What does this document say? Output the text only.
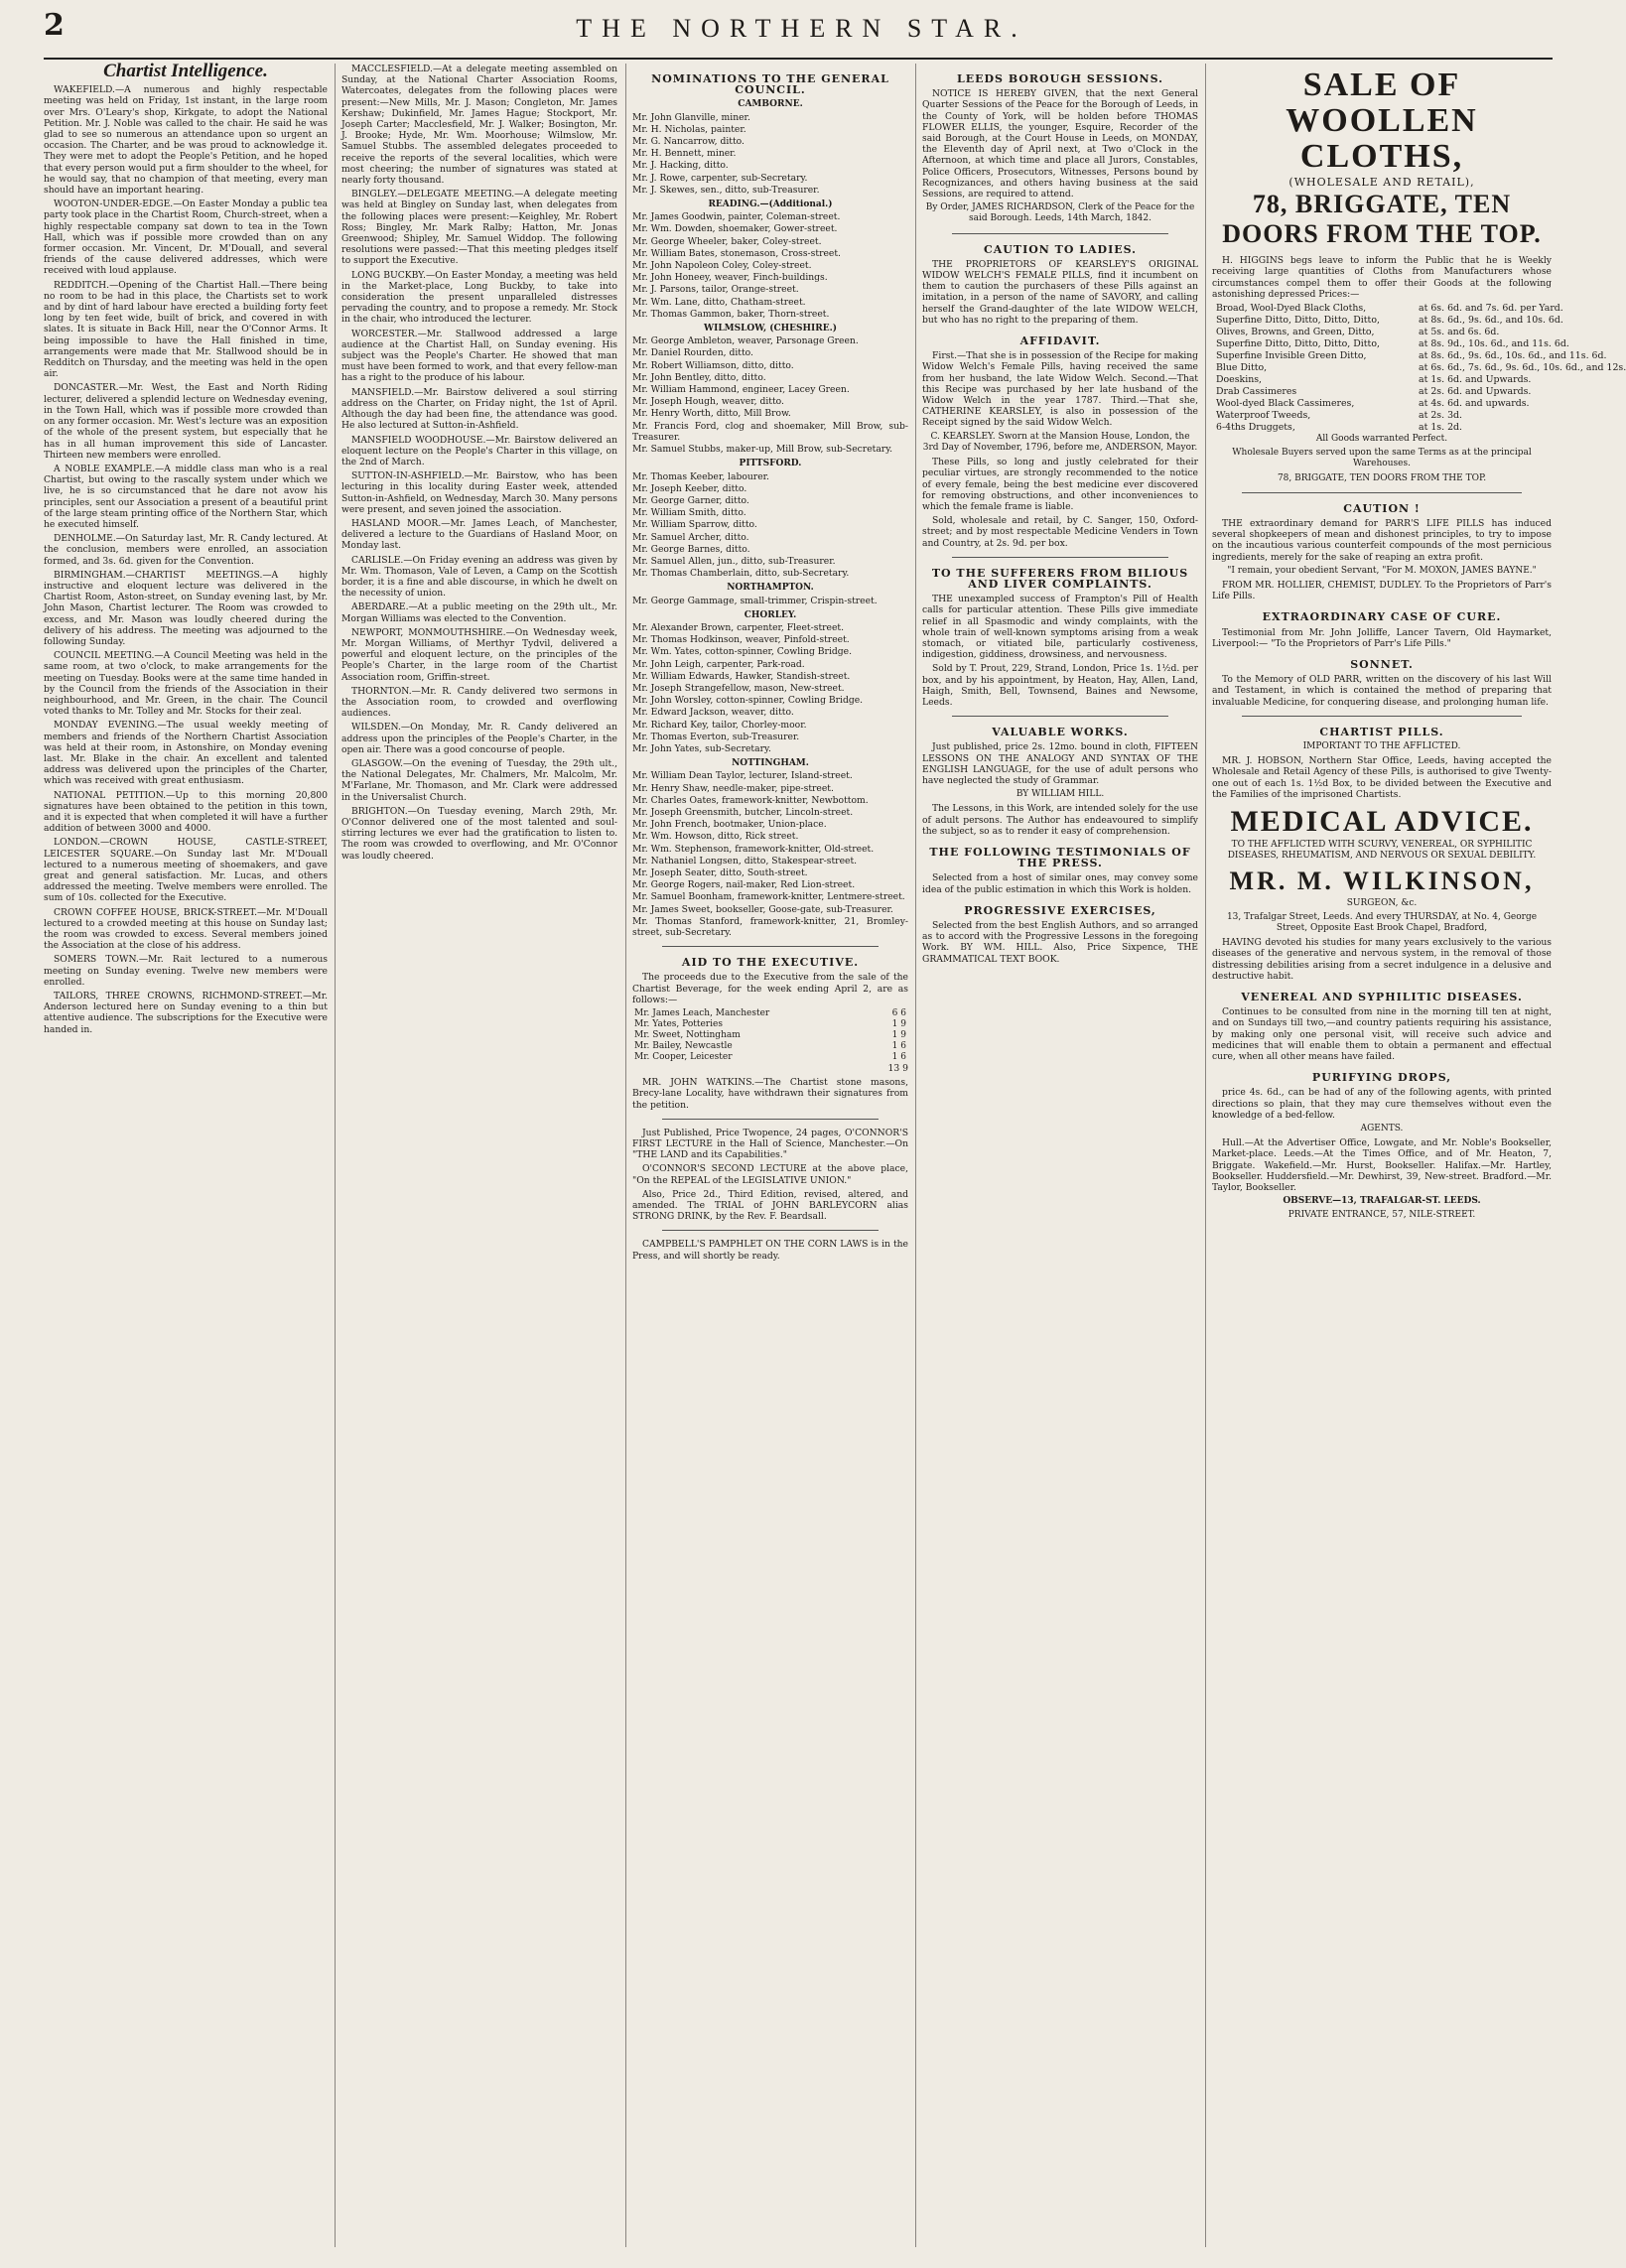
2	THE NORTHERN STAR.
Chartist Intelligence.

WAKEFIELD.—A numerous and highly respectable meeting was held on Friday, 1st instant, in the large room over Mrs. O'Leary's shop, Kirkgate, to adopt the National Petition. Mr. J. Noble was called to the chair. He said he was glad to see so numerous an attendance upon so urgent an occasion. The Charter, and be was proud to acknowledge it. They were met to adopt the People's Petition, and he hoped that every person would put a firm shoulder to the wheel, for he would say, that no champion of that meeting, every man should have an important hearing.

WOOTON-UNDER-EDGE.—On Easter Monday a public tea party took place in the Chartist Room, Church-street, when a highly respectable company sat down to tea in the Town Hall, which was if possible more crowded than on any former occasion. Mr. Vincent, Dr. M'Douall, and several friends of the cause delivered addresses, which were received with loud applause.

REDDITCH.—Opening of the Chartist Hall.—There being no room to be had in this place, the Chartists set to work and by dint of hard labour have erected a building forty feet long by ten feet wide, built of brick, and covered in with slates. It is situate in Back Hill, near the O'Connor Arms. It being impossible to have the Hall finished in time, arrangements were made that Mr. Stallwood should be in Redditch on Thursday, and the meeting was held in the open air.

DONCASTER.—Mr. West, the East and North Riding lecturer, delivered a splendid lecture on Wednesday evening, in the Town Hall, which was if possible more crowded than on any former occasion. Mr. West's lecture was an exposition of the whole of the present system, but especially that he has in all human improvement this side of Lancaster. Thirteen new members were enrolled.

A NOBLE EXAMPLE.—A middle class man who is a real Chartist, but owing to the rascally system under which we live, he is so circumstanced that he dare not avow his principles, sent our Association a present of a beautiful print of the large steam printing office of the Northern Star, which he executed himself.

DENHOLME.—On Saturday last, Mr. R. Candy lectured. At the conclusion, members were enrolled, an association formed, and 3s. 6d. given for the Convention.

BIRMINGHAM.—CHARTIST MEETINGS.—A highly instructive and eloquent lecture was delivered in the Chartist Room, Aston-street, on Sunday evening last, by Mr. John Mason, Chartist lecturer. The Room was crowded to excess, and Mr. Mason was loudly cheered during the delivery of his address. The meeting was adjourned to the following Sunday.

COUNCIL MEETING.—A Council Meeting was held in the same room, at two o'clock, to make arrangements for the meeting on Tuesday. Books were at the same time handed in by the Council from the friends of the Association in their neighbourhood, and Mr. Green, in the chair. The Council voted thanks to Mr. Tolley and Mr. Stocks for their zeal.

MONDAY EVENING.—The usual weekly meeting of members and friends of the Northern Chartist Association was held at their room, in Astonshire, on Monday evening last. Mr. Blake in the chair. An excellent and talented address was delivered upon the principles of the Charter, which was received with great enthusiasm.

NATIONAL PETITION.—Up to this morning 20,800 signatures have been obtained to the petition in this town, and it is expected that when completed it will have a further addition of between 3000 and 4000.

LONDON.—CROWN HOUSE, CASTLE-STREET, LEICESTER SQUARE.—On Sunday last Mr. M'Douall lectured to a numerous meeting of shoemakers, and gave great and general satisfaction. Mr. Lucas, and others addressed the meeting. Twelve members were enrolled. The sum of 10s. collected for the Executive.

CROWN COFFEE HOUSE, BRICK-STREET.—Mr. M'Douall lectured to a crowded meeting at this house on Sunday last; the room was crowded to excess. Several members joined the Association at the close of his address.

SOMERS TOWN.—Mr. Rait lectured to a numerous meeting on Sunday evening. Twelve new members were enrolled.

TAILORS, THREE CROWNS, RICHMOND-STREET.—Mr. Anderson lectured here on Sunday evening to a thin but attentive audience. The subscriptions for the Executive were handed in.

MACCLESFIELD.—At a delegate meeting assembled on Sunday, at the National Charter Association Rooms, Watercoates, delegates from the following places were present:—New Mills, Mr. J. Mason; Congleton, Mr. James Kershaw; Dukinfield, Mr. James Hague; Stockport, Mr. Joseph Carter; Macclesfield, Mr. J. Walker; Bosington, Mr. J. Brooke; Hyde, Mr. Wm. Moorhouse; Wilmslow, Mr. Samuel Stubbs. The assembled delegates proceeded to receive the reports of the several localities, which were most cheering; the number of signatures was stated at nearly forty thousand.

BINGLEY.—DELEGATE MEETING.—A delegate meeting was held at Bingley on Sunday last, when delegates from the following places were present:—Keighley, Mr. Robert Ross; Bingley, Mr. Mark Ralby; Hatton, Mr. Jonas Greenwood; Shipley, Mr. Samuel Widdop. The following resolutions were passed:—That this meeting pledges itself to support the Executive.

LONG BUCKBY.—On Easter Monday, a meeting was held in the Market-place, Long Buckby, to take into consideration the present unparalleled distresses pervading the country, and to propose a remedy. Mr. Stock in the chair, who introduced the lecturer.

WORCESTER.—Mr. Stallwood addressed a large audience at the Chartist Hall, on Sunday evening. His subject was the People's Charter. He showed that man must have been formed to work, and that every fellow-man has a right to the produce of his labour.

MANSFIELD.—Mr. Bairstow delivered a soul stirring address on the Charter, on Friday night, the 1st of April. Although the day had been fine, the attendance was good. He also lectured at Sutton-in-Ashfield.

MANSFIELD WOODHOUSE.—Mr. Bairstow delivered an eloquent lecture on the People's Charter in this village, on the 2nd of March.

SUTTON-IN-ASHFIELD.—Mr. Bairstow, who has been lecturing in this locality during Easter week, attended Sutton-in-Ashfield, on Wednesday, March 30. Many persons were present, and seven joined the association.

HASLAND MOOR.—Mr. James Leach, of Manchester, delivered a lecture to the Guardians of Hasland Moor, on Monday last.

CARLISLE.—On Friday evening an address was given by Mr. Wm. Thomason, Vale of Leven, a Camp on the Scottish border, it is a fine and able discourse, in which he dwelt on the necessity of union.

ABERDARE.—At a public meeting on the 29th ult., Mr. Morgan Williams was elected to the Convention.

NEWPORT, MONMOUTHSHIRE.—On Wednesday week, Mr. Morgan Williams, of Merthyr Tydvil, delivered a powerful and eloquent lecture, on the principles of the People's Charter, in the large room of the Chartist Association room, Griffin-street.

THORNTON.—Mr. R. Candy delivered two sermons in the Association room, to crowded and overflowing audiences.

WILSDEN.—On Monday, Mr. R. Candy delivered an address upon the principles of the People's Charter, in the open air. There was a good concourse of people.

GLASGOW.—On the evening of Tuesday, the 29th ult., the National Delegates, Mr. Chalmers, Mr. Malcolm, Mr. M'Farlane, Mr. Thomason, and Mr. Clark were addressed in the Universalist Church.

BRIGHTON.—On Tuesday evening, March 29th, Mr. O'Connor delivered one of the most talented and soul-stirring lectures we ever had the gratification to listen to. The room was crowded to overflowing, and Mr. O'Connor was loudly cheered.

NOMINATIONS TO THE GENERAL COUNCIL.

CAMBORNE.

Mr. John Glanville, miner.

Mr. H. Nicholas, painter.

Mr. G. Nancarrow, ditto.

Mr. H. Bennett, miner.

Mr. J. Hacking, ditto.

Mr. J. Rowe, carpenter, sub-Secretary.

Mr. J. Skewes, sen., ditto, sub-Treasurer.

READING.—(Additional.)

Mr. James Goodwin, painter, Coleman-street.

Mr. Wm. Dowden, shoemaker, Gower-street.

Mr. George Wheeler, baker, Coley-street.

Mr. William Bates, stonemason, Cross-street.

Mr. John Napoleon Coley, Coley-street.

Mr. John Honeey, weaver, Finch-buildings.

Mr. J. Parsons, tailor, Orange-street.

Mr. Wm. Lane, ditto, Chatham-street.

Mr. Thomas Gammon, baker, Thorn-street.

WILMSLOW, (CHESHIRE.)

Mr. George Ambleton, weaver, Parsonage Green.

Mr. Daniel Rourden, ditto.

Mr. Robert Williamson, ditto, ditto.

Mr. John Bentley, ditto, ditto.

Mr. William Hammond, engineer, Lacey Green.

Mr. Joseph Hough, weaver, ditto.

Mr. Henry Worth, ditto, Mill Brow.

Mr. Francis Ford, clog and shoemaker, Mill Brow, sub-Treasurer.

Mr. Samuel Stubbs, maker-up, Mill Brow, sub-Secretary.

PITTSFORD.

Mr. Thomas Keeber, labourer.

Mr. Joseph Keeber, ditto.

Mr. George Garner, ditto.

Mr. William Smith, ditto.

Mr. William Sparrow, ditto.

Mr. Samuel Archer, ditto.

Mr. George Barnes, ditto.

Mr. Samuel Allen, jun., ditto, sub-Treasurer.

Mr. Thomas Chamberlain, ditto, sub-Secretary.

NORTHAMPTON.

Mr. George Gammage, small-trimmer, Crispin-street.

CHORLEY.

Mr. Alexander Brown, carpenter, Fleet-street.

Mr. Thomas Hodkinson, weaver, Pinfold-street.

Mr. Wm. Yates, cotton-spinner, Cowling Bridge.

Mr. John Leigh, carpenter, Park-road.

Mr. William Edwards, Hawker, Standish-street.

Mr. Joseph Strangefellow, mason, New-street.

Mr. John Worsley, cotton-spinner, Cowling Bridge.

Mr. Edward Jackson, weaver, ditto.

Mr. Richard Key, tailor, Chorley-moor.

Mr. Thomas Everton, sub-Treasurer.

Mr. John Yates, sub-Secretary.

NOTTINGHAM.

Mr. William Dean Taylor, lecturer, Island-street.

Mr. Henry Shaw, needle-maker, pipe-street.

Mr. Charles Oates, framework-knitter, Newbottom.

Mr. Joseph Greensmith, butcher, Lincoln-street.

Mr. John French, bootmaker, Union-place.

Mr. Wm. Howson, ditto, Rick street.

Mr. Wm. Stephenson, framework-knitter, Old-street.

Mr. Nathaniel Longsen, ditto, Stakespear-street.

Mr. Joseph Seater, ditto, South-street.

Mr. George Rogers, nail-maker, Red Lion-street.

Mr. Samuel Boonham, framework-knitter, Lentmere-street.

Mr. James Sweet, bookseller, Goose-gate, sub-Treasurer.

Mr. Thomas Stanford, framework-knitter, 21, Bromley-street, sub-Secretary.

AID TO THE EXECUTIVE.

The proceeds due to the Executive from the sale of the Chartist Beverage, for the week ending April 2, are as follows:—

Mr. James Leach, Manchester	6 6
Mr. Yates, Potteries	1 9
Mr. Sweet, Nottingham	1 9
Mr. Bailey, Newcastle	1 6
Mr. Cooper, Leicester	1 6

13 9

MR. JOHN WATKINS.—The Chartist stone masons, Brecy-lane Locality, have withdrawn their signatures from the petition.

Just Published, Price Twopence, 24 pages, O'CONNOR'S FIRST LECTURE in the Hall of Science, Manchester.—On "THE LAND and its Capabilities."

O'CONNOR'S SECOND LECTURE at the above place, "On the REPEAL of the LEGISLATIVE UNION."

Also, Price 2d., Third Edition, revised, altered, and amended. The TRIAL of JOHN BARLEYCORN alias STRONG DRINK, by the Rev. F. Beardsall.

CAMPBELL'S PAMPHLET ON THE CORN LAWS is in the Press, and will shortly be ready.

LEEDS BOROUGH SESSIONS.

NOTICE IS HEREBY GIVEN, that the next General Quarter Sessions of the Peace for the Borough of Leeds, in the County of York, will be holden before THOMAS FLOWER ELLIS, the younger, Esquire, Recorder of the said Borough, at the Court House in Leeds, on MONDAY, the Eleventh day of April next, at Two o'Clock in the Afternoon, at which time and place all Jurors, Constables, Police Officers, Prosecutors, Witnesses, Persons bound by Recognizances, and others having business at the said Sessions, are required to attend.

By Order, JAMES RICHARDSON, Clerk of the Peace for the said Borough. Leeds, 14th March, 1842.

CAUTION TO LADIES.

THE PROPRIETORS OF KEARSLEY'S ORIGINAL WIDOW WELCH'S FEMALE PILLS, find it incumbent on them to caution the purchasers of these Pills against an imitation, in a person of the name of SAVORY, and calling herself the Grand-daughter of the late WIDOW WELCH, but who has no right to the preparing of them.

AFFIDAVIT.

First.—That she is in possession of the Recipe for making Widow Welch's Female Pills, having received the same from her husband, the late Widow Welch. Second.—That this Recipe was purchased by her late husband of the Widow Welch in the year 1787. Third.—That she, CATHERINE KEARSLEY, is also in possession of the Receipt signed by the said Widow Welch.

C. KEARSLEY. Sworn at the Mansion House, London, the 3rd Day of November, 1796, before me, ANDERSON, Mayor.

These Pills, so long and justly celebrated for their peculiar virtues, are strongly recommended to the notice of every female, being the best medicine ever discovered for removing obstructions, and other inconveniences to which the female frame is liable.

Sold, wholesale and retail, by C. Sanger, 150, Oxford-street; and by most respectable Medicine Venders in Town and Country, at 2s. 9d. per box.

TO THE SUFFERERS FROM BILIOUS AND LIVER COMPLAINTS.

THE unexampled success of Frampton's Pill of Health calls for particular attention. These Pills give immediate relief in all Spasmodic and windy complaints, with the whole train of well-known symptoms arising from a weak stomach, or vitiated bile, particularly costiveness, indigestion, giddiness, drowsiness, and nervousness.

Sold by T. Prout, 229, Strand, London, Price 1s. 1½d. per box, and by his appointment, by Heaton, Hay, Allen, Land, Haigh, Smith, Bell, Townsend, Baines and Newsome, Leeds.

VALUABLE WORKS.

Just published, price 2s. 12mo. bound in cloth, FIFTEEN LESSONS ON THE ANALOGY AND SYNTAX OF THE ENGLISH LANGUAGE, for the use of adult persons who have neglected the study of Grammar.

BY WILLIAM HILL.

The Lessons, in this Work, are intended solely for the use of adult persons. The Author has endeavoured to simplify the subject, so as to render it easy of comprehension.

THE FOLLOWING TESTIMONIALS OF THE PRESS.

Selected from a host of similar ones, may convey some idea of the public estimation in which this Work is holden.

PROGRESSIVE EXERCISES,

Selected from the best English Authors, and so arranged as to accord with the Progressive Lessons in the foregoing Work. BY WM. HILL. Also, Price Sixpence, THE GRAMMATICAL TEXT BOOK.

SALE OF WOOLLEN CLOTHS,
(WHOLESALE AND RETAIL),
78, BRIGGATE, TEN DOORS FROM THE TOP.

H. HIGGINS begs leave to inform the Public that he is Weekly receiving large quantities of Cloths from Manufacturers whose circumstances compel them to offer their Goods at the following astonishing depressed Prices:—

Broad, Wool-Dyed Black Cloths,	at 6s. 6d. and 7s. 6d. per Yard.
Superfine Ditto, Ditto, Ditto, Ditto,	at 8s. 6d., 9s. 6d., and 10s. 6d.
Olives, Browns, and Green, Ditto,	at 5s. and 6s. 6d.
Superfine Ditto, Ditto, Ditto, Ditto,	at 8s. 9d., 10s. 6d., and 11s. 6d.
Superfine Invisible Green Ditto,	at 8s. 6d., 9s. 6d., 10s. 6d., and 11s. 6d.
Blue Ditto,	at 6s. 6d., 7s. 6d., 9s. 6d., 10s. 6d., and 12s.
Doeskins,	at 1s. 6d. and Upwards.
Drab Cassimeres	at 2s. 6d. and Upwards.
Wool-dyed Black Cassimeres,	at 4s. 6d. and upwards.
Waterproof Tweeds,	at 2s. 3d.
6-4ths Druggets,	at 1s. 2d.

All Goods warranted Perfect.

Wholesale Buyers served upon the same Terms as at the principal Warehouses.

78, BRIGGATE, TEN DOORS FROM THE TOP.

CAUTION !

THE extraordinary demand for PARR'S LIFE PILLS has induced several shopkeepers of mean and dishonest principles, to try to impose on the incautious various counterfeit compounds of the most pernicious ingredients, merely for the sake of reaping an extra profit.

"I remain, your obedient Servant, "For M. MOXON, JAMES BAYNE."

FROM MR. HOLLIER, CHEMIST, DUDLEY. To the Proprietors of Parr's Life Pills.

EXTRAORDINARY CASE OF CURE.

Testimonial from Mr. John Jolliffe, Lancer Tavern, Old Haymarket, Liverpool:— "To the Proprietors of Parr's Life Pills."

SONNET.

To the Memory of OLD PARR, written on the discovery of his last Will and Testament, in which is contained the method of preparing that invaluable Medicine, for conquering disease, and prolonging human life.

CHARTIST PILLS.

IMPORTANT TO THE AFFLICTED.

MR. J. HOBSON, Northern Star Office, Leeds, having accepted the Wholesale and Retail Agency of these Pills, is authorised to give Twenty-one out of each 1s. 1½d Box, to be divided between the Executive and the Families of the imprisoned Chartists.

MEDICAL ADVICE.

TO THE AFFLICTED WITH SCURVY, VENEREAL, OR SYPHILITIC DISEASES, RHEUMATISM, AND NERVOUS OR SEXUAL DEBILITY.

MR. M. WILKINSON,

SURGEON, &c.

13, Trafalgar Street, Leeds. And every THURSDAY, at No. 4, George Street, Opposite East Brook Chapel, Bradford,

HAVING devoted his studies for many years exclusively to the various diseases of the generative and nervous system, in the removal of those distressing debilities arising from a secret indulgence in a delusive and destructive habit.

VENEREAL AND SYPHILITIC DISEASES.

Continues to be consulted from nine in the morning till ten at night, and on Sundays till two,—and country patients requiring his assistance, by making only one personal visit, will receive such advice and medicines that will enable them to obtain a permanent and effectual cure, when all other means have failed.

PURIFYING DROPS,

price 4s. 6d., can be had of any of the following agents, with printed directions so plain, that they may cure themselves without even the knowledge of a bed-fellow.

AGENTS.

Hull.—At the Advertiser Office, Lowgate, and Mr. Noble's Bookseller, Market-place. Leeds.—At the Times Office, and of Mr. Heaton, 7, Briggate. Wakefield.—Mr. Hurst, Bookseller. Halifax.—Mr. Hartley, Bookseller. Huddersfield.—Mr. Dewhirst, 39, New-street. Bradford.—Mr. Taylor, Bookseller.

OBSERVE—13, TRAFALGAR-ST. LEEDS.

PRIVATE ENTRANCE, 57, NILE-STREET.
